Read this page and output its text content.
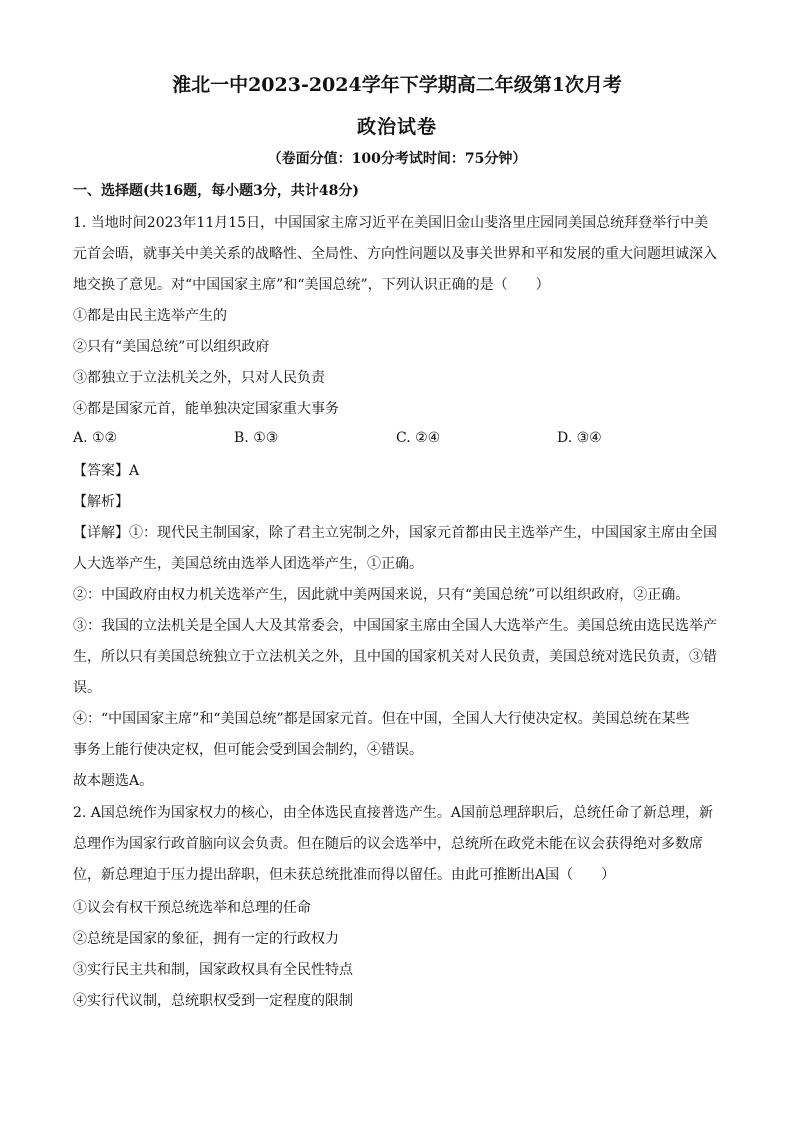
淮北一中2023-2024学年下学期高二年级第1次月考
政治试卷
（卷面分值：100分考试时间：75分钟）
一、选择题(共16题，每小题3分，共计48分)
1. 当地时间2023年11月15日，中国国家主席习近平在美国旧金山斐洛里庄园同美国总统拜登举行中美
元首会晤，就事关中美关系的战略性、全局性、方向性问题以及事关世界和平和发展的重大问题坦诚深入
地交换了意见。对“中国国家主席”和“美国总统”，下列认识正确的是（　　）
①都是由民主选举产生的
②只有“美国总统”可以组织政府
③都独立于立法机关之外，只对人民负责
④都是国家元首，能单独决定国家重大事务
A. ①②	B. ①③	C. ②④	D. ③④
【答案】A
【解析】
【详解】①：现代民主制国家，除了君主立宪制之外，国家元首都由民主选举产生，中国国家主席由全国
人大选举产生，美国总统由选举人团选举产生，①正确。
②：中国政府由权力机关选举产生，因此就中美两国来说，只有“美国总统”可以组织政府，②正确。
③：我国的立法机关是全国人大及其常委会，中国国家主席由全国人大选举产生。美国总统由选民选举产
生，所以只有美国总统独立于立法机关之外，且中国的国家机关对人民负责，美国总统对选民负责，③错
误。
④：“中国国家主席”和“美国总统”都是国家元首。但在中国，全国人大行使决定权。美国总统在某些
事务上能行使决定权，但可能会受到国会制约，④错误。
故本题选A。
2. A国总统作为国家权力的核心，由全体选民直接普选产生。A国前总理辞职后，总统任命了新总理，新
总理作为国家行政首脑向议会负责。但在随后的议会选举中，总统所在政党未能在议会获得绝对多数席
位，新总理迫于压力提出辞职，但未获总统批准而得以留任。由此可推断出A国（　　）
①议会有权干预总统选举和总理的任命
②总统是国家的象征，拥有一定的行政权力
③实行民主共和制，国家政权具有全民性特点
④实行代议制，总统职权受到一定程度的限制
